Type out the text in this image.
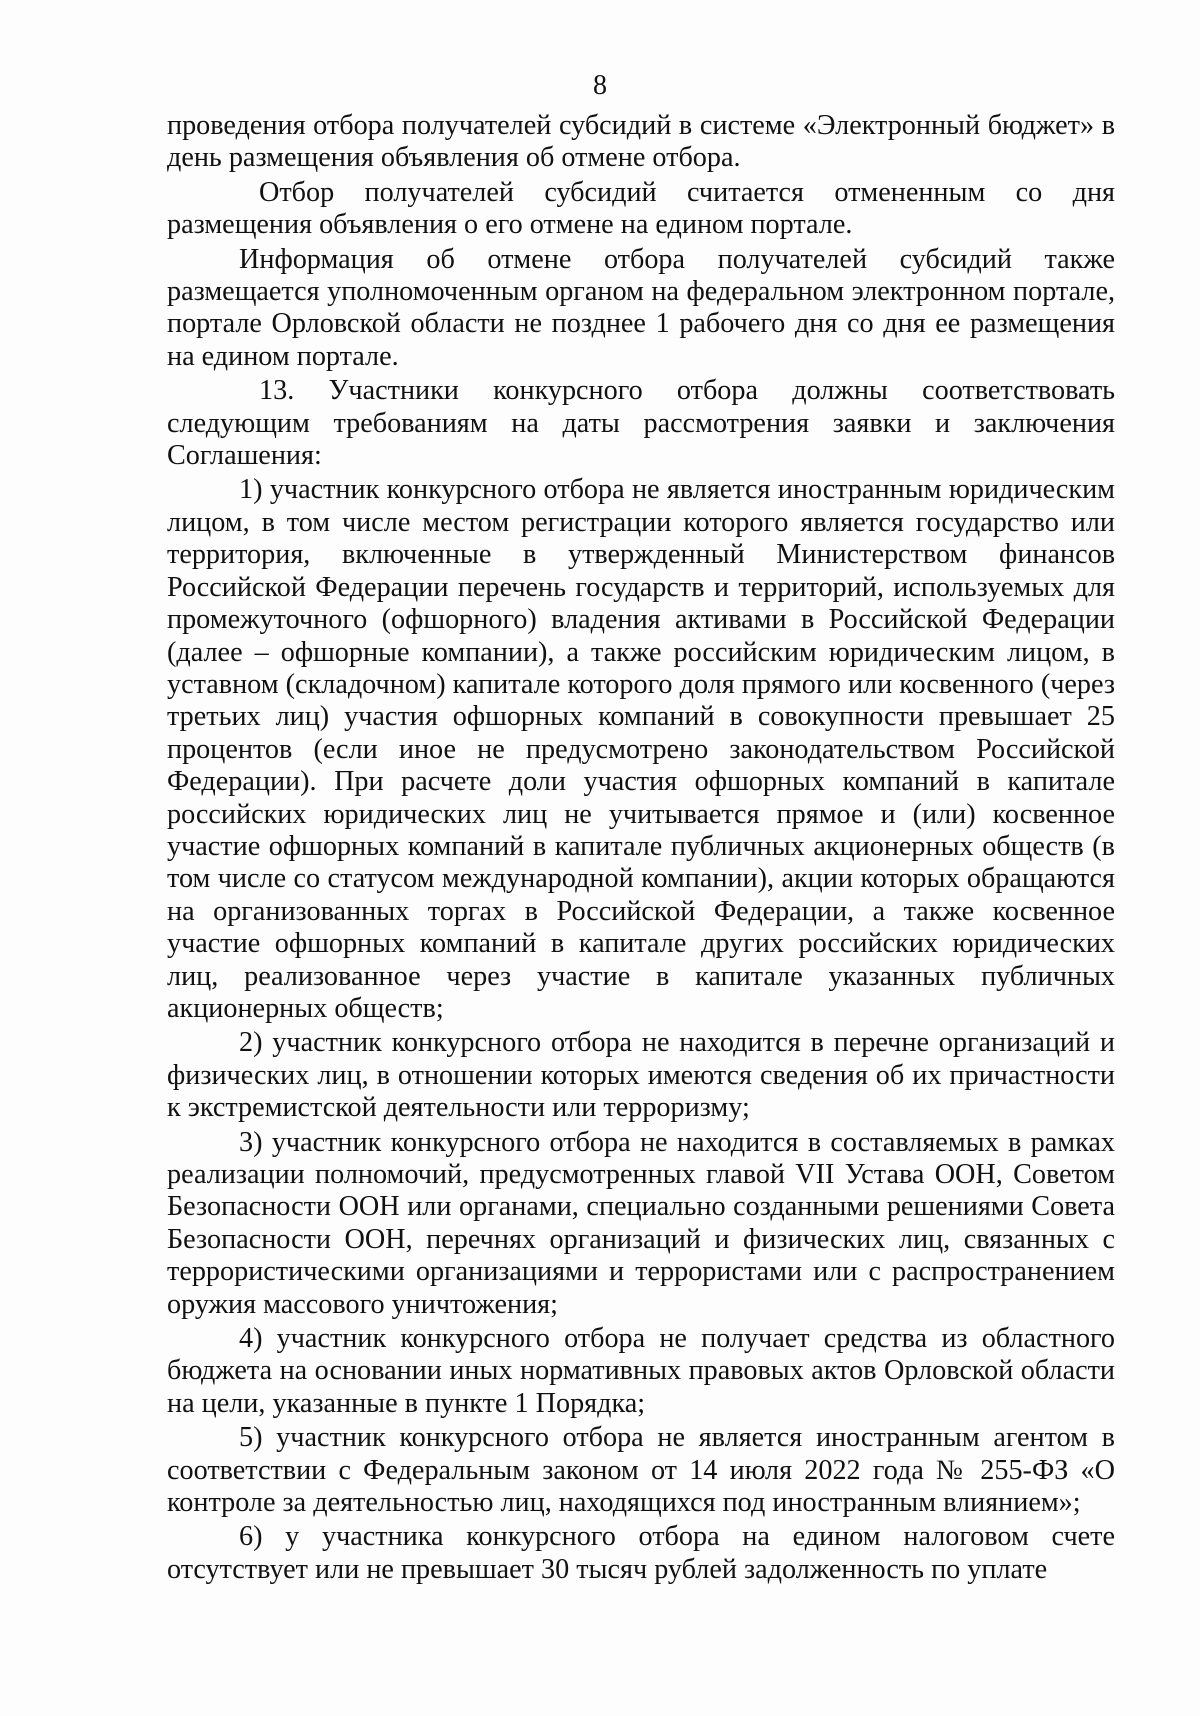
8

проведения отбора получателей субсидий в системе «Электронный бюджет» в день размещения объявления об отмене отбора.

Отбор получателей субсидий считается отмененным со дня размещения объявления о его отмене на едином портале.

Информация об отмене отбора получателей субсидий также размещается уполномоченным органом на федеральном электронном портале, портале Орловской области не позднее 1 рабочего дня со дня ее размещения на едином портале.

13. Участники конкурсного отбора должны соответствовать следующим требованиям на даты рассмотрения заявки и заключения Соглашения:

1) участник конкурсного отбора не является иностранным юридическим лицом, в том числе местом регистрации которого является государство или территория, включенные в утвержденный Министерством финансов Российской Федерации перечень государств и территорий, используемых для промежуточного (офшорного) владения активами в Российской Федерации (далее – офшорные компании), а также российским юридическим лицом, в уставном (складочном) капитале которого доля прямого или косвенного (через третьих лиц) участия офшорных компаний в совокупности превышает 25 процентов (если иное не предусмотрено законодательством Российской Федерации). При расчете доли участия офшорных компаний в капитале российских юридических лиц не учитывается прямое и (или) косвенное участие офшорных компаний в капитале публичных акционерных обществ (в том числе со статусом международной компании), акции которых обращаются на организованных торгах в Российской Федерации, а также косвенное участие офшорных компаний в капитале других российских юридических лиц, реализованное через участие в капитале указанных публичных акционерных обществ;

2) участник конкурсного отбора не находится в перечне организаций и физических лиц, в отношении которых имеются сведения об их причастности к экстремистской деятельности или терроризму;

3) участник конкурсного отбора не находится в составляемых в рамках реализации полномочий, предусмотренных главой VII Устава ООН, Советом Безопасности ООН или органами, специально созданными решениями Совета Безопасности ООН, перечнях организаций и физических лиц, связанных с террористическими организациями и террористами или с распространением оружия массового уничтожения;

4) участник конкурсного отбора не получает средства из областного бюджета на основании иных нормативных правовых актов Орловской области на цели, указанные в пункте 1 Порядка;

5) участник конкурсного отбора не является иностранным агентом в соответствии с Федеральным законом от 14 июля 2022 года № 255-ФЗ «О контроле за деятельностью лиц, находящихся под иностранным влиянием»;

6) у участника конкурсного отбора на едином налоговом счете отсутствует или не превышает 30 тысяч рублей задолженность по уплате
